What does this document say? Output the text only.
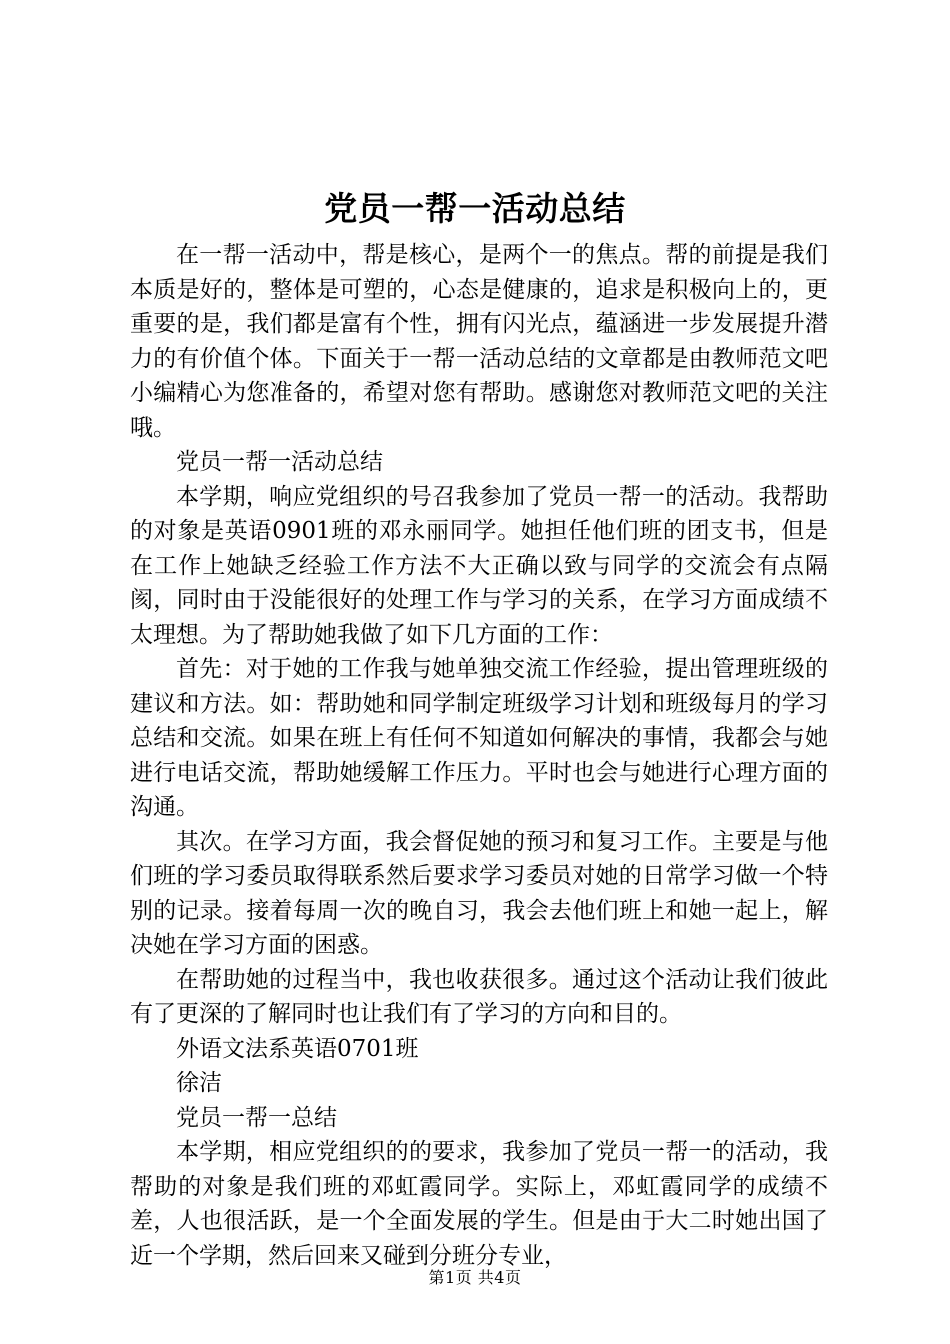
党员一帮一活动总结

在一帮一活动中，帮是核心，是两个一的焦点。帮的前提是我们本质是好的，整体是可塑的，心态是健康的，追求是积极向上的，更重要的是，我们都是富有个性，拥有闪光点，蕴涵进一步发展提升潜力的有价值个体。下面关于一帮一活动总结的文章都是由教师范文吧小编精心为您准备的，希望对您有帮助。感谢您对教师范文吧的关注哦。

党员一帮一活动总结

本学期，响应党组织的号召我参加了党员一帮一的活动。我帮助的对象是英语0901班的邓永丽同学。她担任他们班的团支书，但是在工作上她缺乏经验工作方法不大正确以致与同学的交流会有点隔阂，同时由于没能很好的处理工作与学习的关系，在学习方面成绩不太理想。为了帮助她我做了如下几方面的工作：

首先：对于她的工作我与她单独交流工作经验，提出管理班级的建议和方法。如：帮助她和同学制定班级学习计划和班级每月的学习总结和交流。如果在班上有任何不知道如何解决的事情，我都会与她进行电话交流，帮助她缓解工作压力。平时也会与她进行心理方面的沟通。

其次。在学习方面，我会督促她的预习和复习工作。主要是与他们班的学习委员取得联系然后要求学习委员对她的日常学习做一个特别的记录。接着每周一次的晚自习，我会去他们班上和她一起上，解决她在学习方面的困惑。

在帮助她的过程当中，我也收获很多。通过这个活动让我们彼此有了更深的了解同时也让我们有了学习的方向和目的。

外语文法系英语0701班

徐洁

党员一帮一总结

本学期，相应党组织的的要求，我参加了党员一帮一的活动，我帮助的对象是我们班的邓虹霞同学。实际上，邓虹霞同学的成绩不差，人也很活跃，是一个全面发展的学生。但是由于大二时她出国了近一个学期，然后回来又碰到分班分专业，

第1页 共4页
